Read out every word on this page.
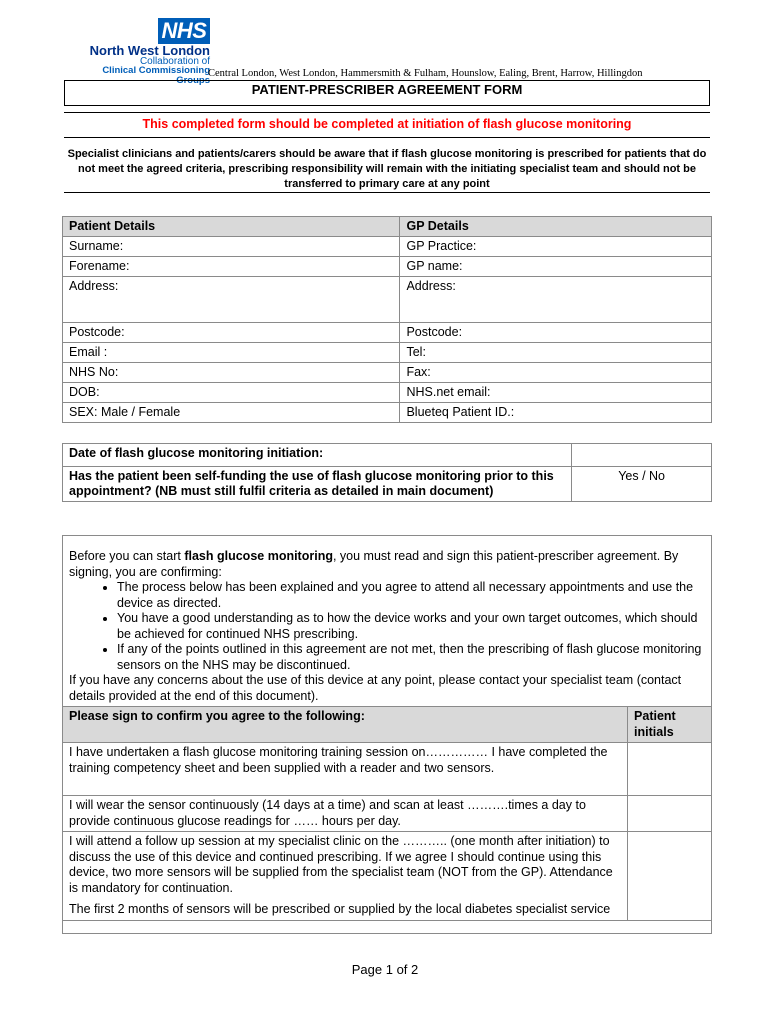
NHS
North West London
Collaboration of
Clinical Commissioning Groups
Central London, West London, Hammersmith & Fulham, Hounslow, Ealing, Brent, Harrow, Hillingdon
PATIENT-PRESCRIBER AGREEMENT FORM
This completed form should be completed at initiation of flash glucose monitoring
Specialist clinicians and patients/carers should be aware that if flash glucose monitoring is prescribed for patients that do not meet the agreed criteria, prescribing responsibility will remain with the initiating specialist team and should not be transferred to primary care at any point
Patient Details	GP Details
Surname:	GP Practice:
Forename:	GP name:
Address:	Address:
Postcode:	Postcode:
Email :	Tel:
NHS No:	Fax:
DOB:	NHS.net email:
SEX: Male / Female	Blueteq Patient ID.:
Date of flash glucose monitoring initiation:	
Has the patient been self-funding the use of flash glucose monitoring prior to this appointment? (NB must still fulfil criteria as detailed in main document)	Yes / No
Before you can start flash glucose monitoring, you must read and sign this patient-prescriber agreement. By signing, you are confirming:
• The process below has been explained and you agree to attend all necessary appointments and use the device as directed.
• You have a good understanding as to how the device works and your own target outcomes, which should be achieved for continued NHS prescribing.
• If any of the points outlined in this agreement are not met, then the prescribing of flash glucose monitoring sensors on the NHS may be discontinued.
If you have any concerns about the use of this device at any point, please contact your specialist team (contact details provided at the end of this document).
Please sign to confirm you agree to the following:	Patient initials
I have undertaken a flash glucose monitoring training session on…………… I have completed the training competency sheet and been supplied with a reader and two sensors.	
I will wear the sensor continuously (14 days at a time) and scan at least ……….times a day to provide continuous glucose readings for …… hours per day.	

I will attend a follow up session at my specialist clinic on the ……….. (one month after initiation) to discuss the use of this device and continued prescribing. If we agree I should continue using this device, two more sensors will be supplied from the specialist team (NOT from the GP). Attendance is mandatory for continuation.
The first 2 months of sensors will be prescribed or supplied by the local diabetes specialist service	

Page 1 of 2
